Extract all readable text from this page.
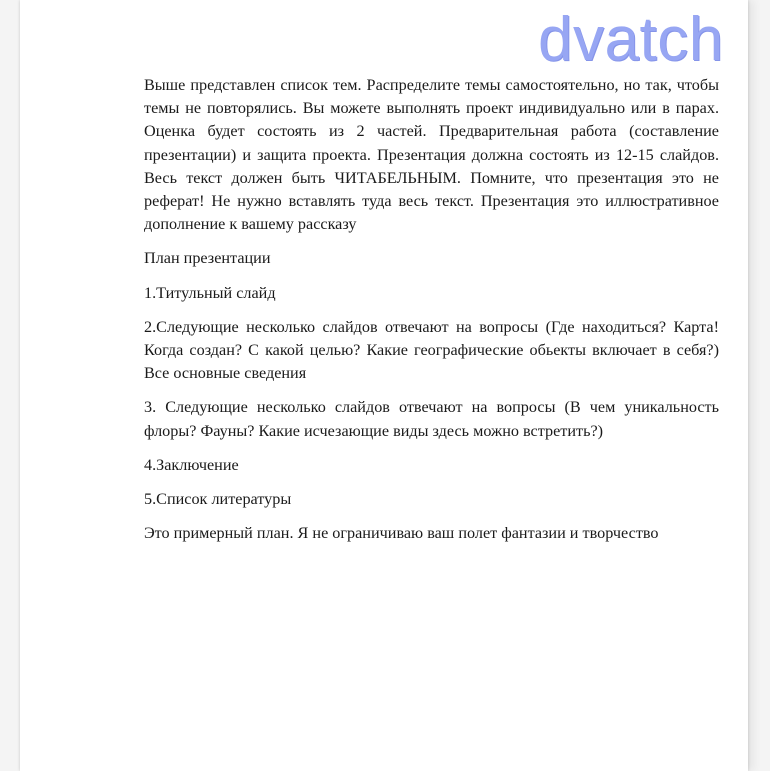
Выше представлен список тем. Распределите темы самостоятельно, но так, чтобы темы не повторялись. Вы можете выполнять проект индивидуально или в парах. Оценка будет состоять из 2 частей. Предварительная работа (составление презентации) и защита проекта. Презентация должна состоять из 12-15 слайдов. Весь текст должен быть ЧИТАБЕЛЬНЫМ. Помните, что презентация это не реферат! Не нужно вставлять туда весь текст. Презентация это иллюстративное дополнение к вашему рассказу

План презентации

1.Титульный слайд

2.Следующие несколько слайдов отвечают на вопросы (Где находиться? Карта! Когда создан? С какой целью? Какие географические обьекты включает в себя?) Все основные сведения

3. Следующие несколько слайдов отвечают на вопросы (В чем уникальность флоры? Фауны? Какие исчезающие виды здесь можно встретить?)

4.Заключение

5.Список литературы

Это примерный план. Я не ограничиваю ваш полет фантазии и творчество

dvatch
